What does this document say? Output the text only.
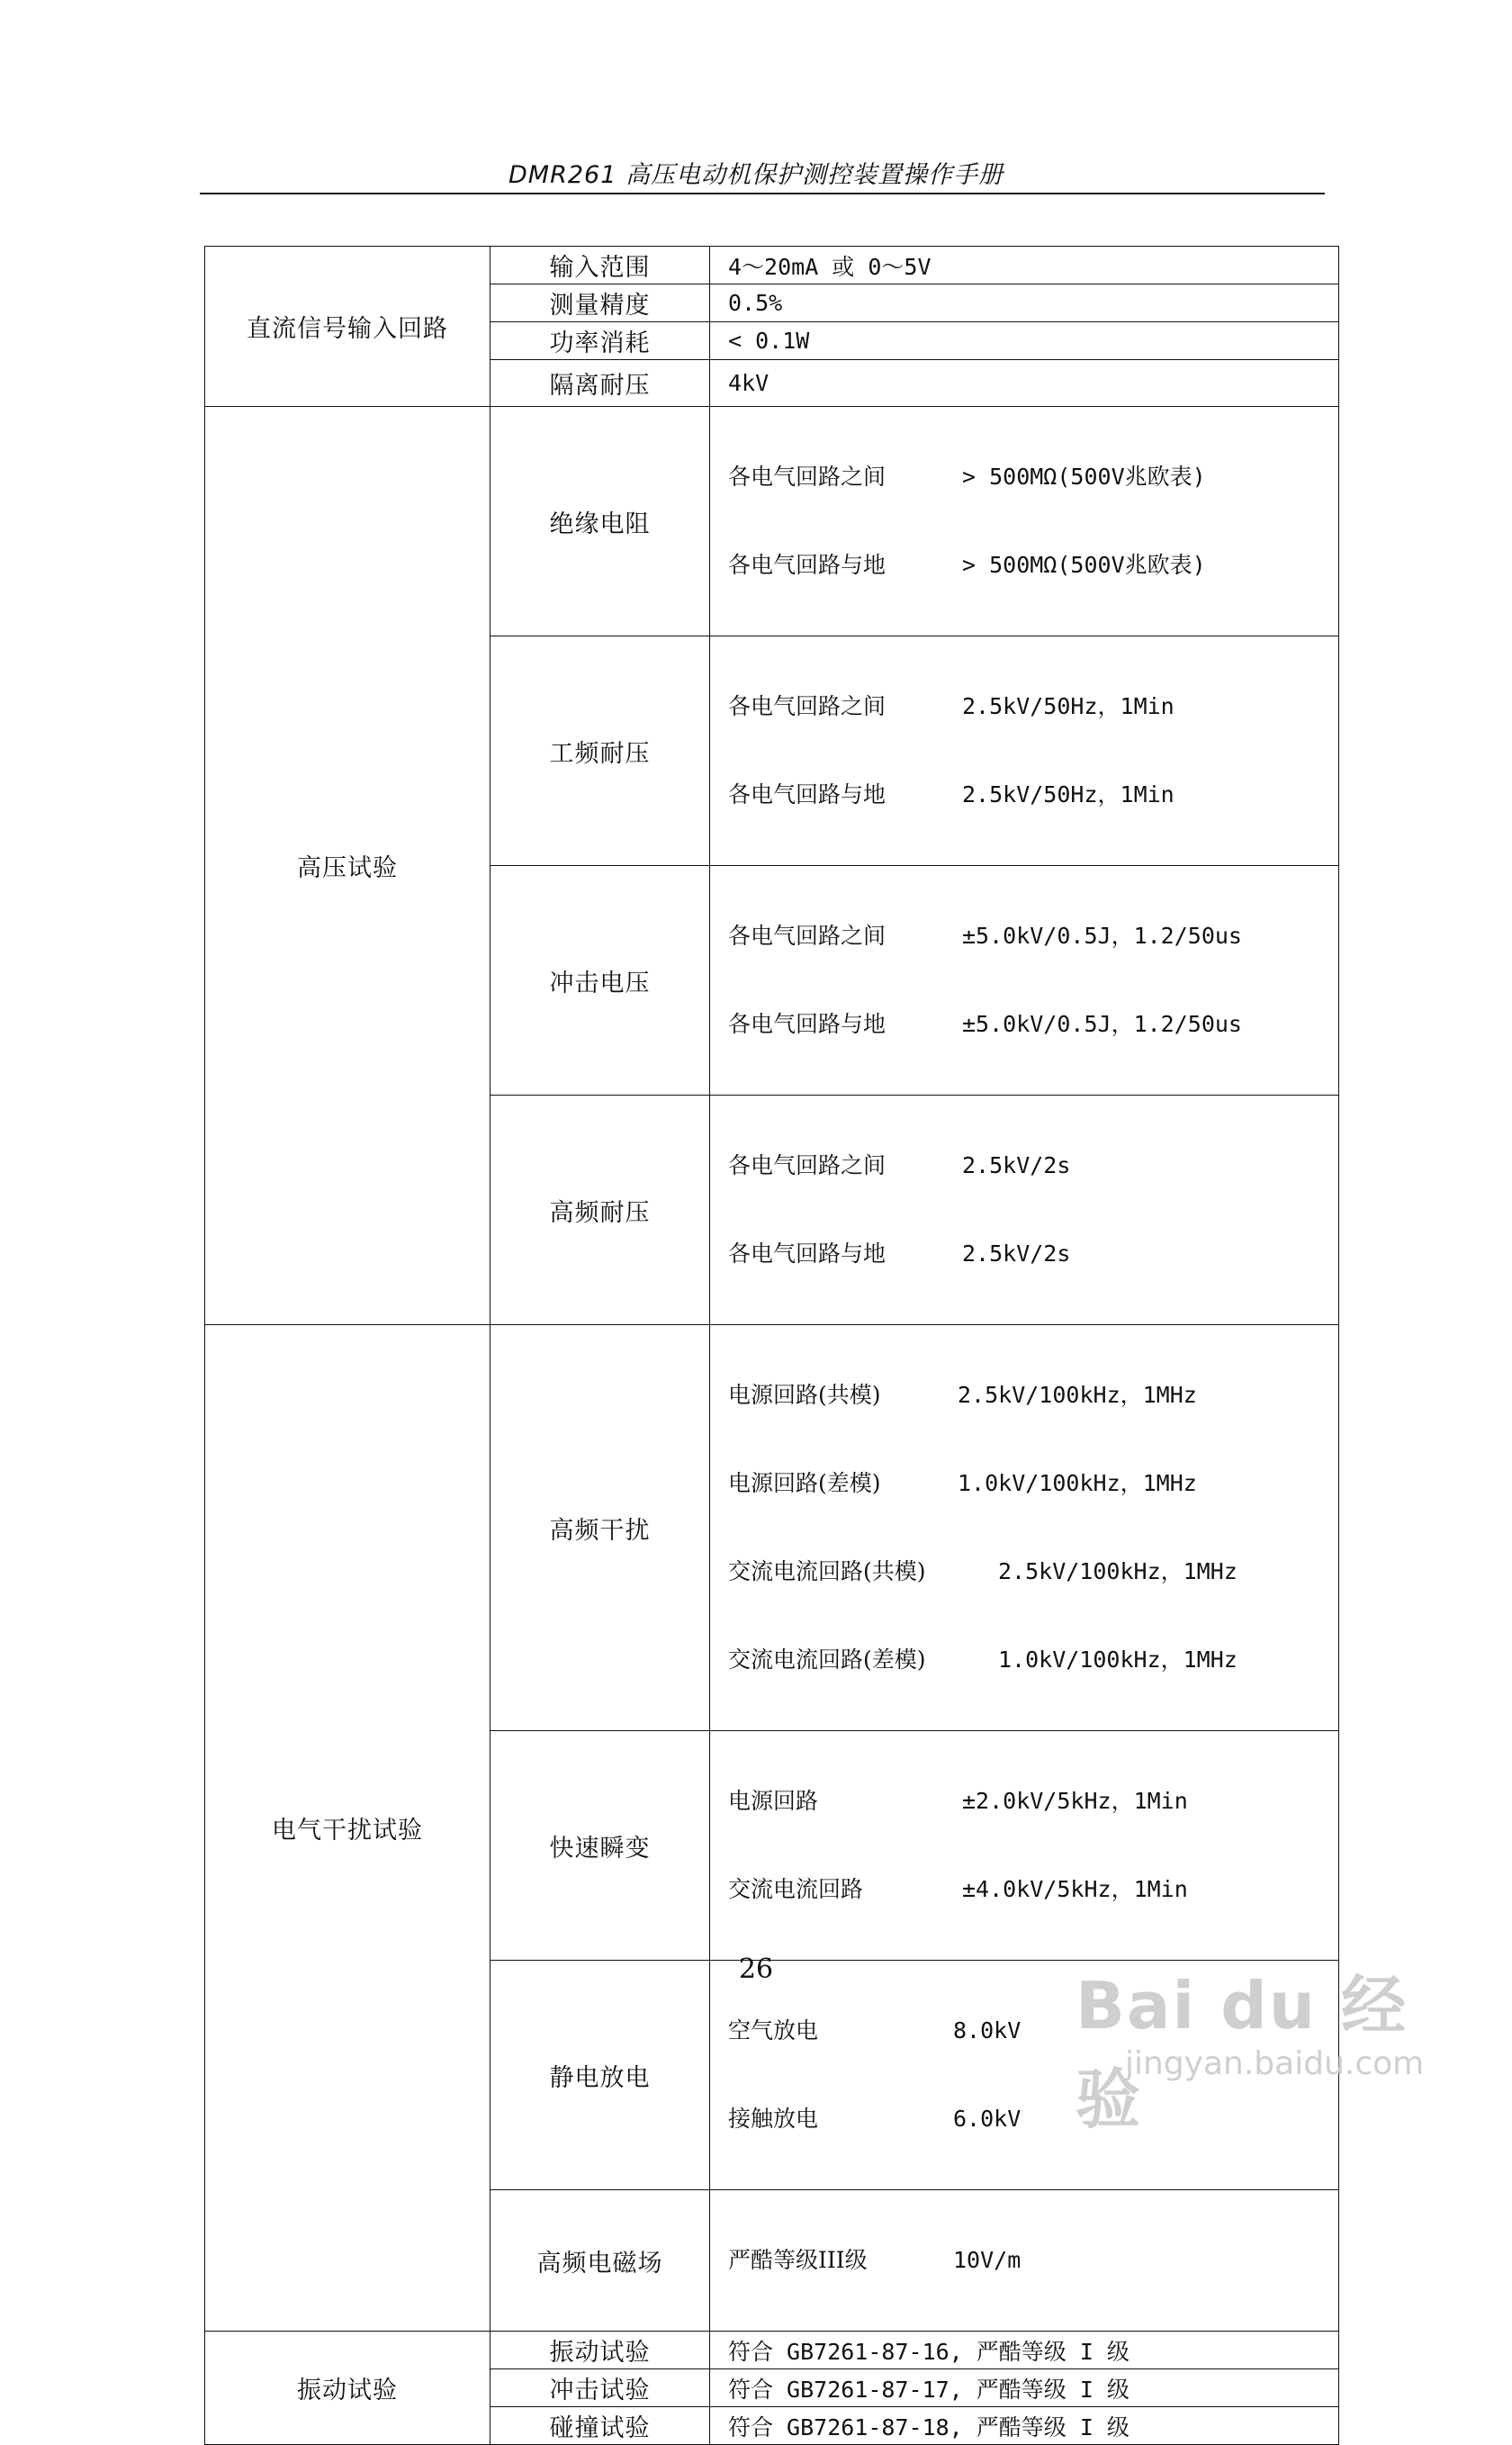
DMR261 高压电动机保护测控装置操作手册
直流信号输入回路	输入范围	4～20mA 或 0～5V
	测量精度	0.5%
	功率消耗	< 0.1W
	隔离耐压	4kV
高压试验	绝缘电阻	各电气回路之间 > 500MΩ(500V兆欧表)

各电气回路与地 > 500MΩ(500V兆欧表)

	工频耐压	各电气回路之间 2.5kV/50Hz，1Min

各电气回路与地 2.5kV/50Hz，1Min

	冲击电压	各电气回路之间 ±5.0kV/0.5J，1.2/50us

各电气回路与地 ±5.0kV/0.5J，1.2/50us

	高频耐压	各电气回路之间 2.5kV/2s

各电气回路与地 2.5kV/2s

电气干扰试验	高频干扰	电源回路(共模) 2.5kV/100kHz，1MHz

电源回路(差模) 1.0kV/100kHz，1MHz

交流电流回路(共模) 2.5kV/100kHz，1MHz

交流电流回路(差模) 1.0kV/100kHz，1MHz

	快速瞬变	电源回路 ±2.0kV/5kHz，1Min

交流电流回路 ±4.0kV/5kHz，1Min

	静电放电	空气放电 8.0kV

接触放电 6.0kV

	高频电磁场	严酷等级III级 10V/m

振动试验	振动试验	符合 GB7261-87-16, 严酷等级 I 级
	冲击试验	符合 GB7261-87-17, 严酷等级 I 级
	碰撞试验	符合 GB7261-87-18, 严酷等级 I 级
26	Bai du 经验
jingyan.baidu.com
